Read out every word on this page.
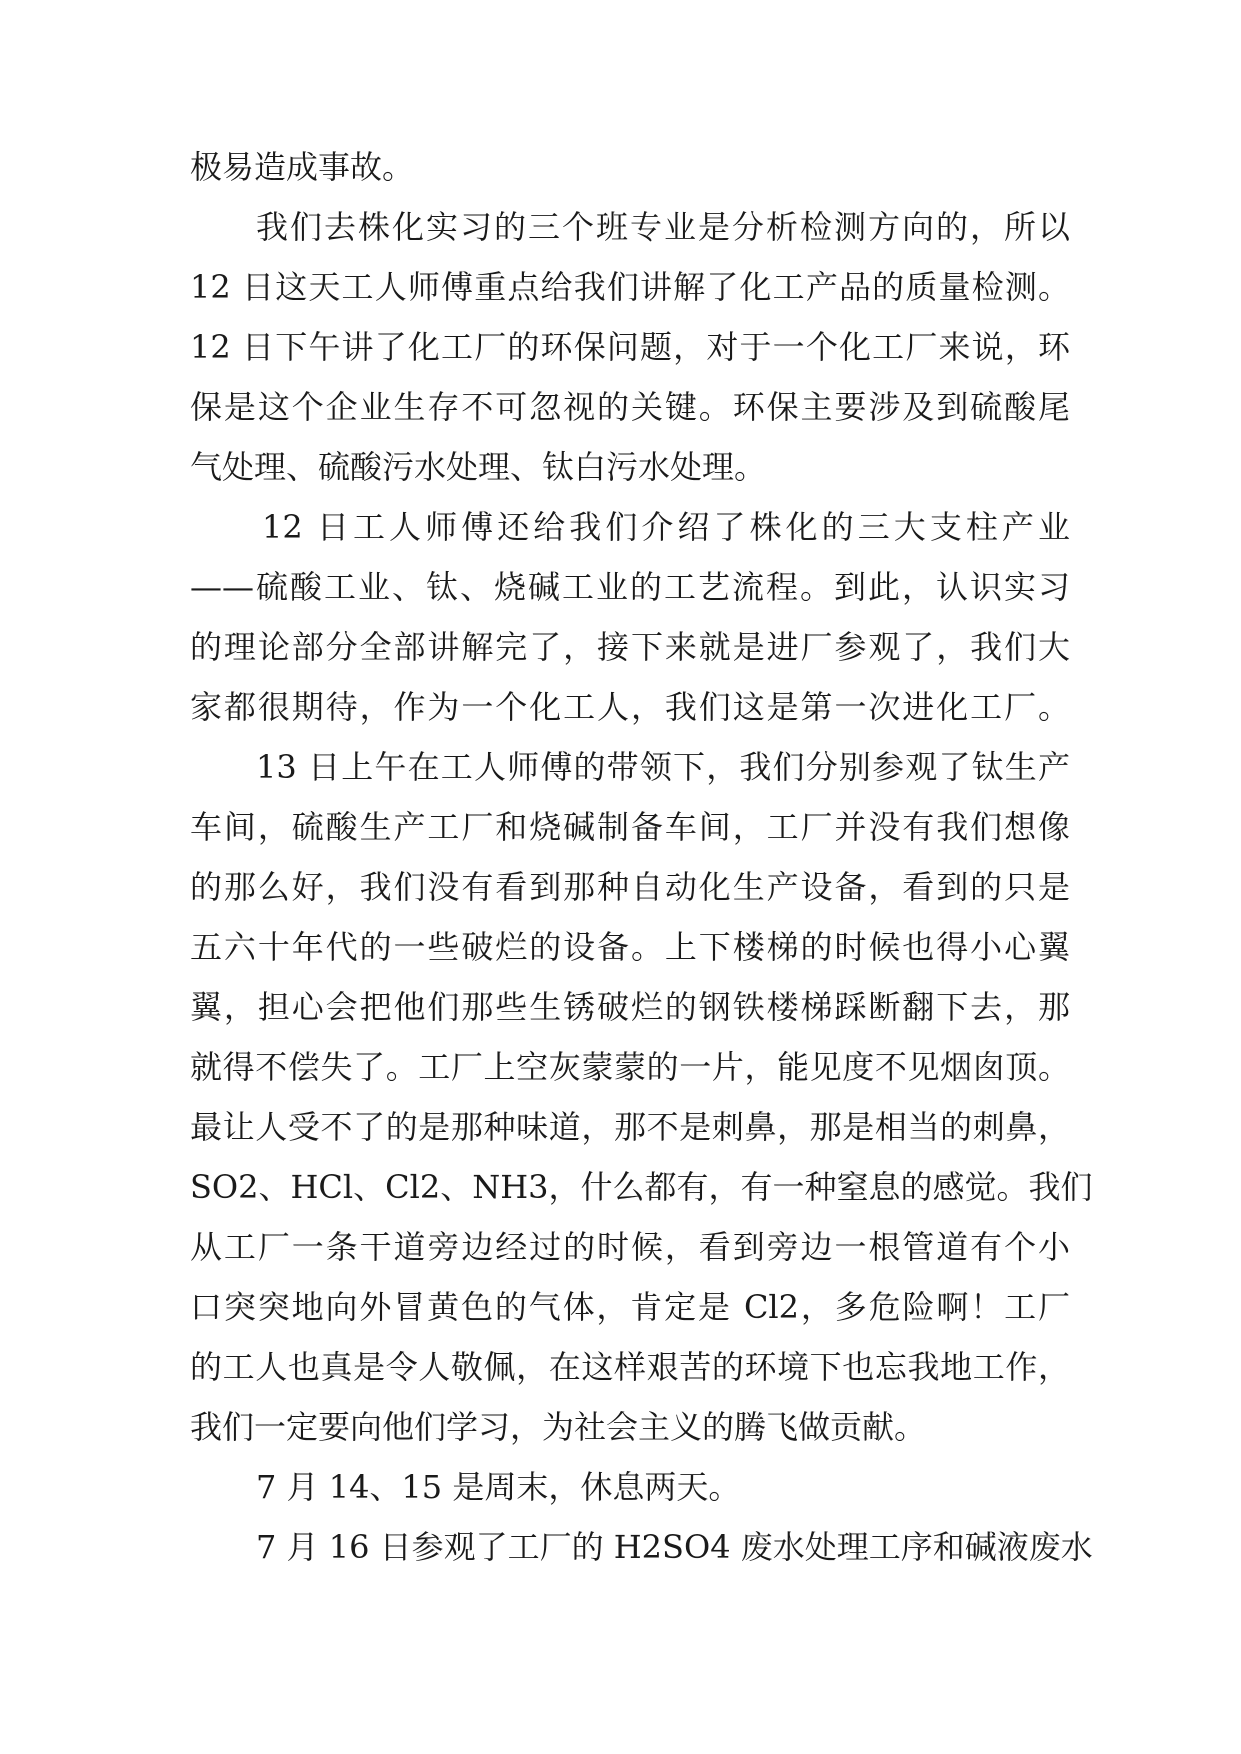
极易造成事故。
我们去株化实习的三个班专业是分析检测方向的，所以
12 日这天工人师傅重点给我们讲解了化工产品的质量检测。
12 日下午讲了化工厂的环保问题，对于一个化工厂来说，环
保是这个企业生存不可忽视的关键。环保主要涉及到硫酸尾
气处理、硫酸污水处理、钛白污水处理。
12 日工人师傅还给我们介绍了株化的三大支柱产业
——硫酸工业、钛、烧碱工业的工艺流程。到此，认识实习
的理论部分全部讲解完了，接下来就是进厂参观了，我们大
家都很期待，作为一个化工人，我们这是第一次进化工厂。
13 日上午在工人师傅的带领下，我们分别参观了钛生产
车间，硫酸生产工厂和烧碱制备车间，工厂并没有我们想像
的那么好，我们没有看到那种自动化生产设备，看到的只是
五六十年代的一些破烂的设备。上下楼梯的时候也得小心翼
翼，担心会把他们那些生锈破烂的钢铁楼梯踩断翻下去，那
就得不偿失了。工厂上空灰蒙蒙的一片，能见度不见烟囱顶。
最让人受不了的是那种味道，那不是刺鼻，那是相当的刺鼻，
SO2、HCl、Cl2、NH3，什么都有，有一种窒息的感觉。我们
从工厂一条干道旁边经过的时候，看到旁边一根管道有个小
口突突地向外冒黄色的气体，肯定是 Cl2，多危险啊！工厂
的工人也真是令人敬佩，在这样艰苦的环境下也忘我地工作，
我们一定要向他们学习，为社会主义的腾飞做贡献。
7 月 14、15 是周末，休息两天。
7 月 16 日参观了工厂的 H2SO4 废水处理工序和碱液废水
